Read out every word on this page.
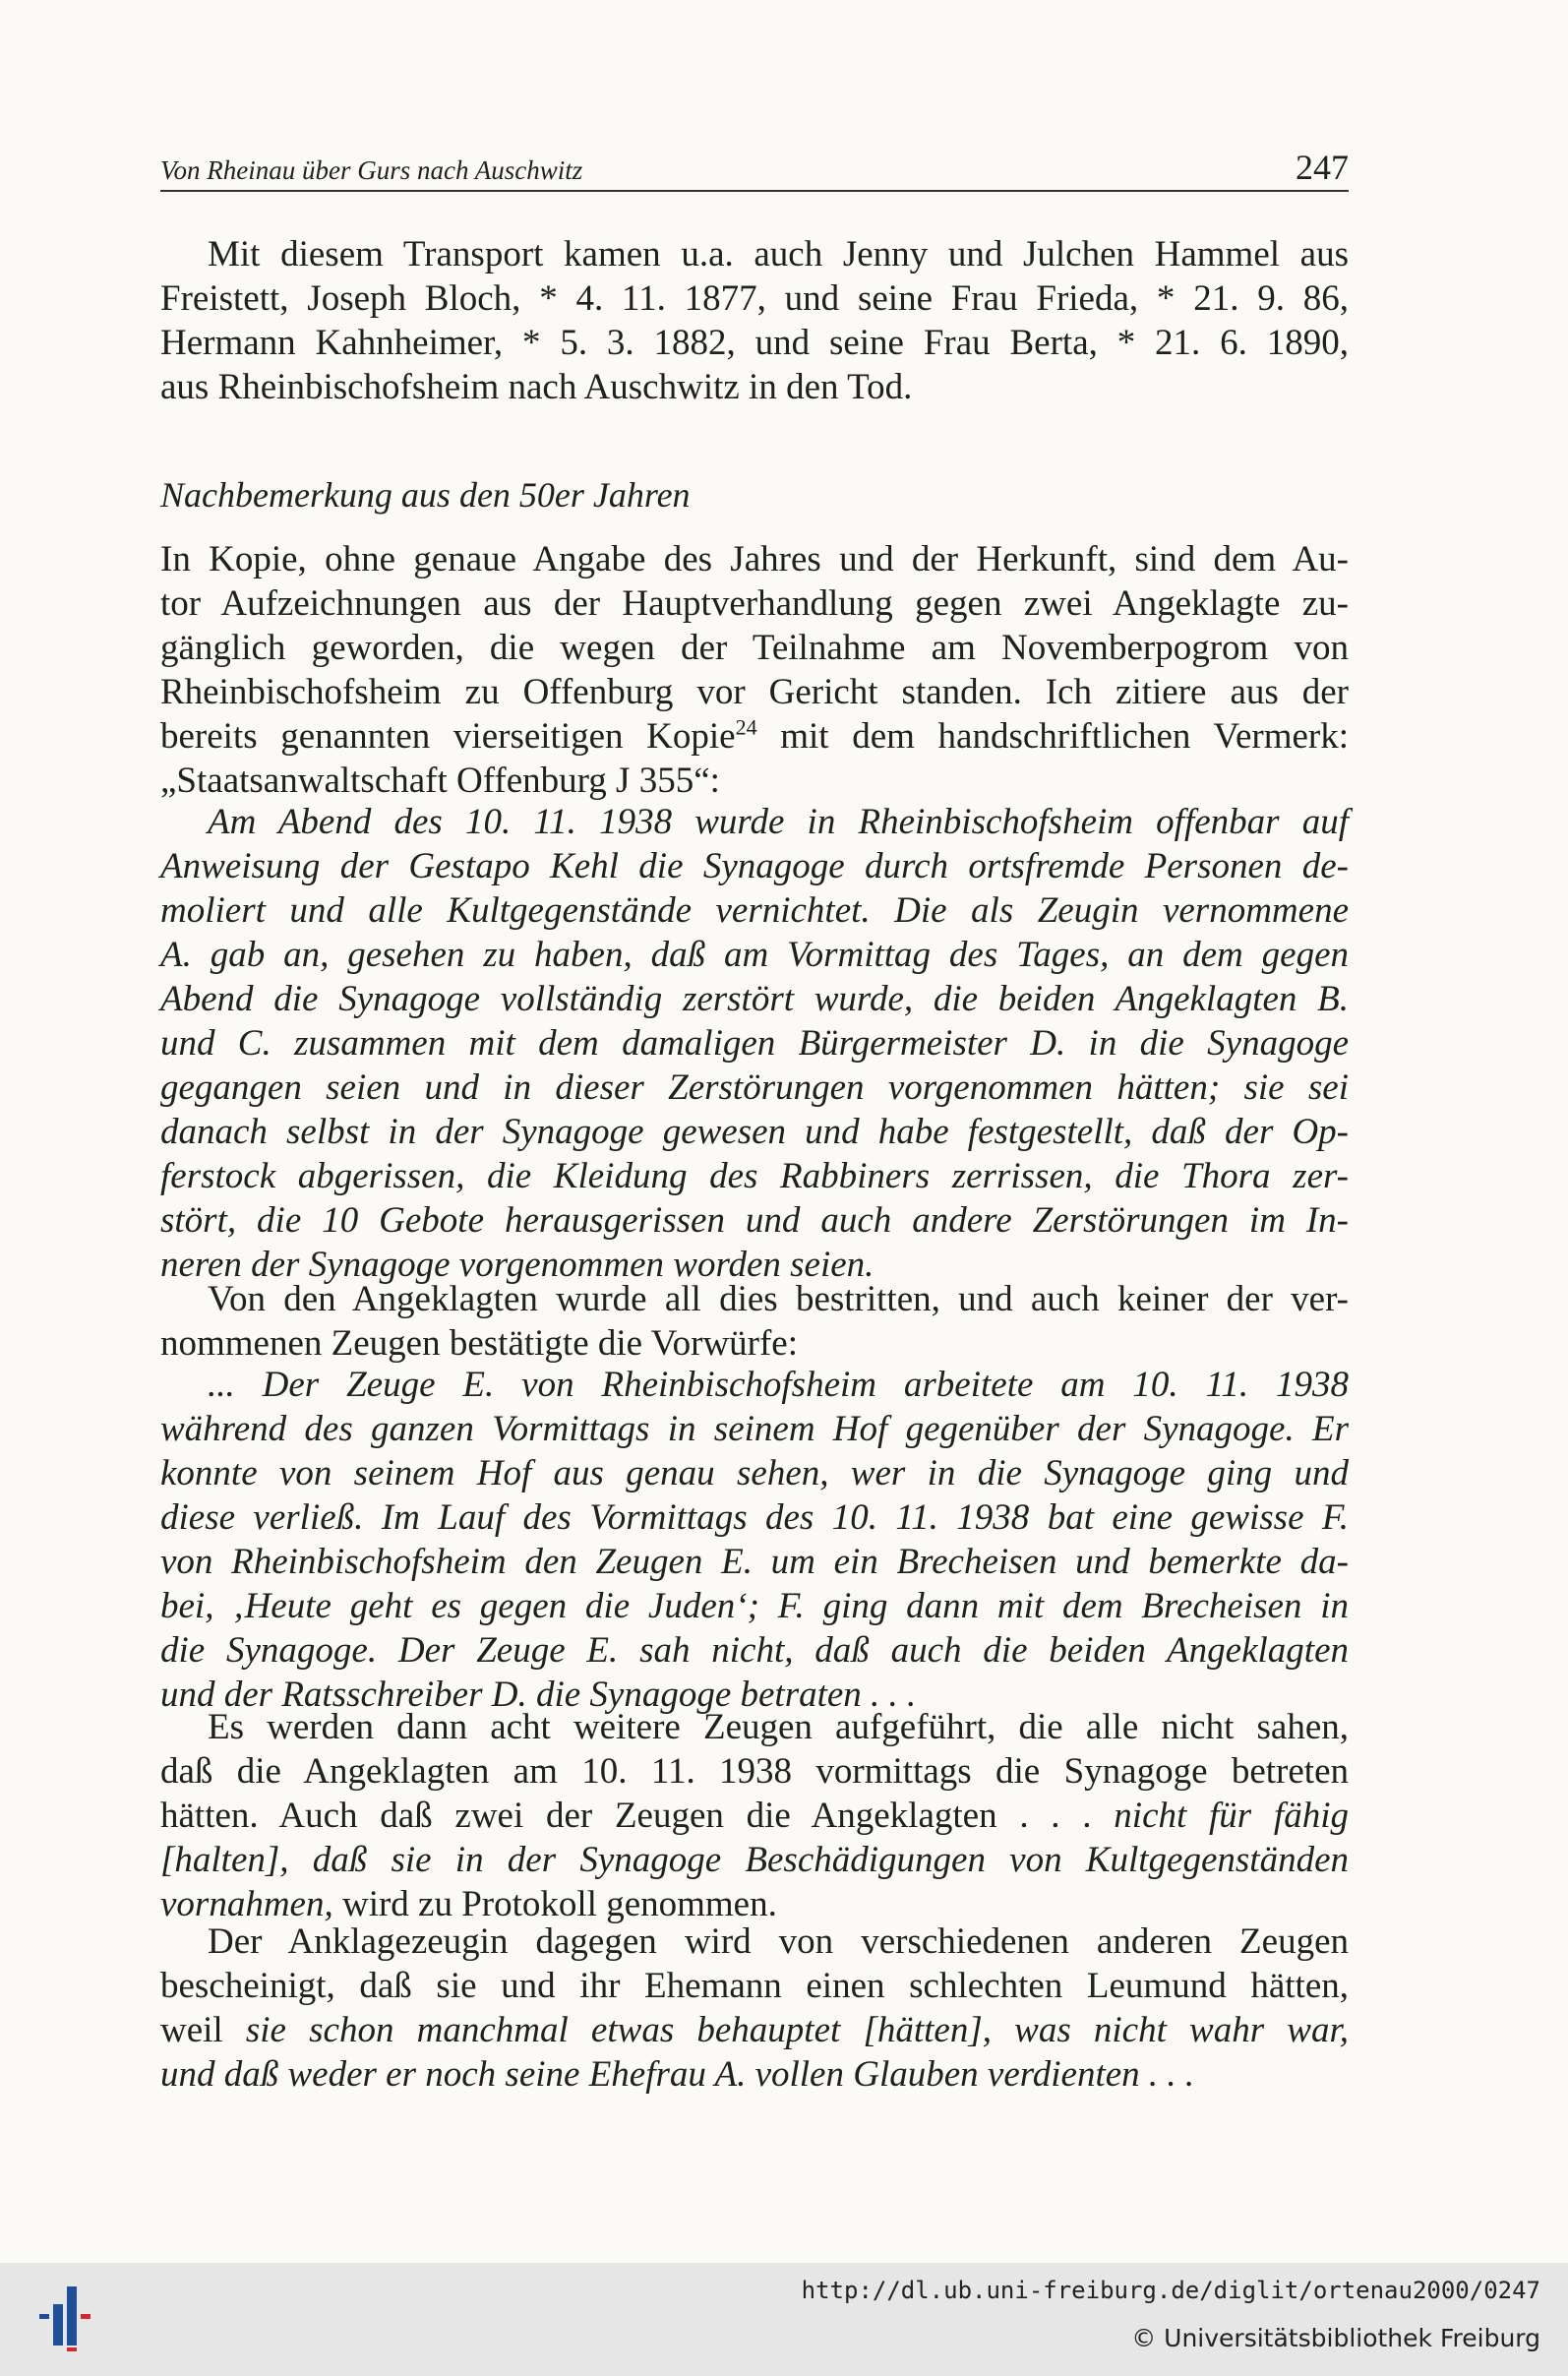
Von Rheinau über Gurs nach Auschwitz	247
Mit diesem Transport kamen u.a. auch Jenny und Julchen Hammel aus
Freistett, Joseph Bloch, * 4. 11. 1877, und seine Frau Frieda, * 21. 9. 86,
Hermann Kahnheimer, * 5. 3. 1882, und seine Frau Berta, * 21. 6. 1890,
aus Rheinbischofsheim nach Auschwitz in den Tod.
Nachbemerkung aus den 50er Jahren
In Kopie, ohne genaue Angabe des Jahres und der Herkunft, sind dem Au-
tor Aufzeichnungen aus der Hauptverhandlung gegen zwei Angeklagte zu-
gänglich geworden, die wegen der Teilnahme am Novemberpogrom von
Rheinbischofsheim zu Offenburg vor Gericht standen. Ich zitiere aus der
bereits genannten vierseitigen Kopie$^{24}$ mit dem handschriftlichen Vermerk:
„Staatsanwaltschaft Offenburg J 355“:
Am Abend des 10. 11. 1938 wurde in Rheinbischofsheim offenbar auf
Anweisung der Gestapo Kehl die Synagoge durch ortsfremde Personen de-
moliert und alle Kultgegenstände vernichtet. Die als Zeugin vernommene
A. gab an, gesehen zu haben, daß am Vormittag des Tages, an dem gegen
Abend die Synagoge vollständig zerstört wurde, die beiden Angeklagten B.
und C. zusammen mit dem damaligen Bürgermeister D. in die Synagoge
gegangen seien und in dieser Zerstörungen vorgenommen hätten; sie sei
danach selbst in der Synagoge gewesen und habe festgestellt, daß der Op-
ferstock abgerissen, die Kleidung des Rabbiners zerrissen, die Thora zer-
stört, die 10 Gebote herausgerissen und auch andere Zerstörungen im In-
neren der Synagoge vorgenommen worden seien.
Von den Angeklagten wurde all dies bestritten, und auch keiner der ver-
nommenen Zeugen bestätigte die Vorwürfe:
... Der Zeuge E. von Rheinbischofsheim arbeitete am 10. 11. 1938
während des ganzen Vormittags in seinem Hof gegenüber der Synagoge. Er
konnte von seinem Hof aus genau sehen, wer in die Synagoge ging und
diese verließ. Im Lauf des Vormittags des 10. 11. 1938 bat eine gewisse F.
von Rheinbischofsheim den Zeugen E. um ein Brecheisen und bemerkte da-
bei, ‚Heute geht es gegen die Juden‘; F. ging dann mit dem Brecheisen in
die Synagoge. Der Zeuge E. sah nicht, daß auch die beiden Angeklagten
und der Ratsschreiber D. die Synagoge betraten . . .
Es werden dann acht weitere Zeugen aufgeführt, die alle nicht sahen,
daß die Angeklagten am 10. 11. 1938 vormittags die Synagoge betreten
hätten. Auch daß zwei der Zeugen die Angeklagten . . . nicht für fähig
[halten], daß sie in der Synagoge Beschädigungen von Kultgegenständen
vornahmen, wird zu Protokoll genommen.
Der Anklagezeugin dagegen wird von verschiedenen anderen Zeugen
bescheinigt, daß sie und ihr Ehemann einen schlechten Leumund hätten,
weil sie schon manchmal etwas behauptet [hätten], was nicht wahr war,
und daß weder er noch seine Ehefrau A. vollen Glauben verdienten . . .
http://dl.ub.uni-freiburg.de/diglit/ortenau2000/0247
© Universitätsbibliothek Freiburg
